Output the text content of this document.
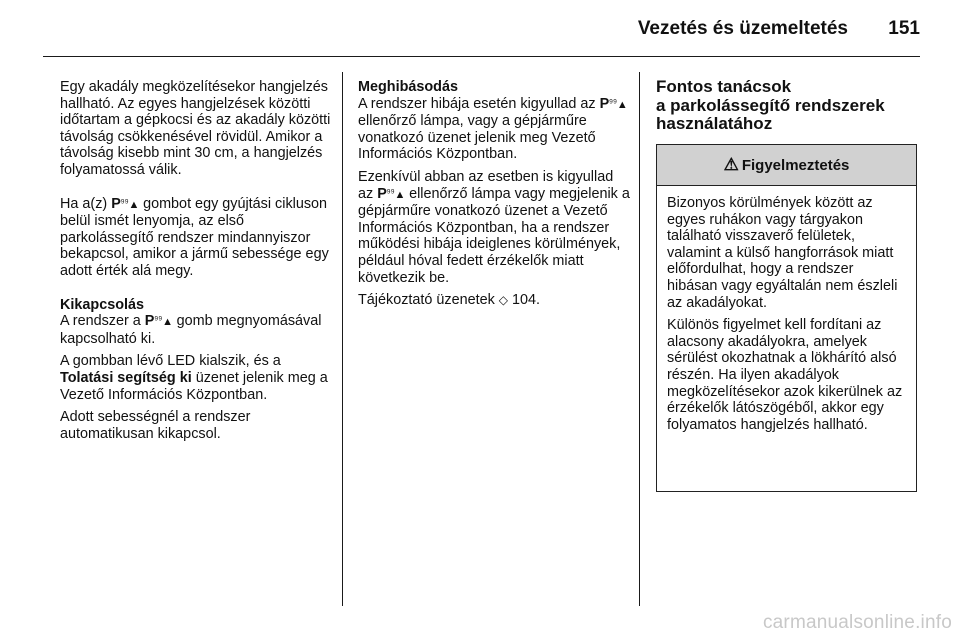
Vezetés és üzemeltetés	151

Egy akadály megközelítésekor hangjelzés hallható. Az egyes hangjelzések közötti időtartam a gépkocsi és az akadály közötti távolság csökkenésével rövidül. Amikor a távolság kisebb mint 30 cm, a hangjelzés folyamatossá válik.

Ha a(z) P⁹⁹▲ gombot egy gyújtási cikluson belül ismét lenyomja, az első parkolássegítő rendszer mindannyiszor bekapcsol, amikor a jármű sebessége egy adott érték alá megy.

Kikapcsolás

A rendszer a P⁹⁹▲ gomb megnyomásával kapcsolható ki.

A gombban lévő LED kialszik, és a Tolatási segítség ki üzenet jelenik meg a Vezető Információs Központban.

Adott sebességnél a rendszer automatikusan kikapcsol.

Meghibásodás

A rendszer hibája esetén kigyullad az P⁹⁹▲ ellenőrző lámpa, vagy a gépjárműre vonatkozó üzenet jelenik meg Vezető Információs Központban.

Ezenkívül abban az esetben is kigyullad az P⁹⁹▲ ellenőrző lámpa vagy megjelenik a gépjárműre vonatkozó üzenet a Vezető Információs Központban, ha a rendszer működési hibája ideiglenes körülmények, például hóval fedett érzékelők miatt következik be.

Tájékoztató üzenetek ◇ 104.

Fontos tanácsok
a parkolássegítő rendszerek
használatához
⚠ Figyelmeztetés

Bizonyos körülmények között az egyes ruhákon vagy tárgyakon található visszaverő felületek, valamint a külső hangforrások miatt előfordulhat, hogy a rendszer hibásan vagy egyáltalán nem észleli az akadályokat.

Különös figyelmet kell fordítani az alacsony akadályokra, amelyek sérülést okozhatnak a lökhárító alsó részén. Ha ilyen akadályok megközelítésekor azok kikerülnek az érzékelők látószögéből, akkor egy folyamatos hangjelzés hallható.

carmanualsonline.info
